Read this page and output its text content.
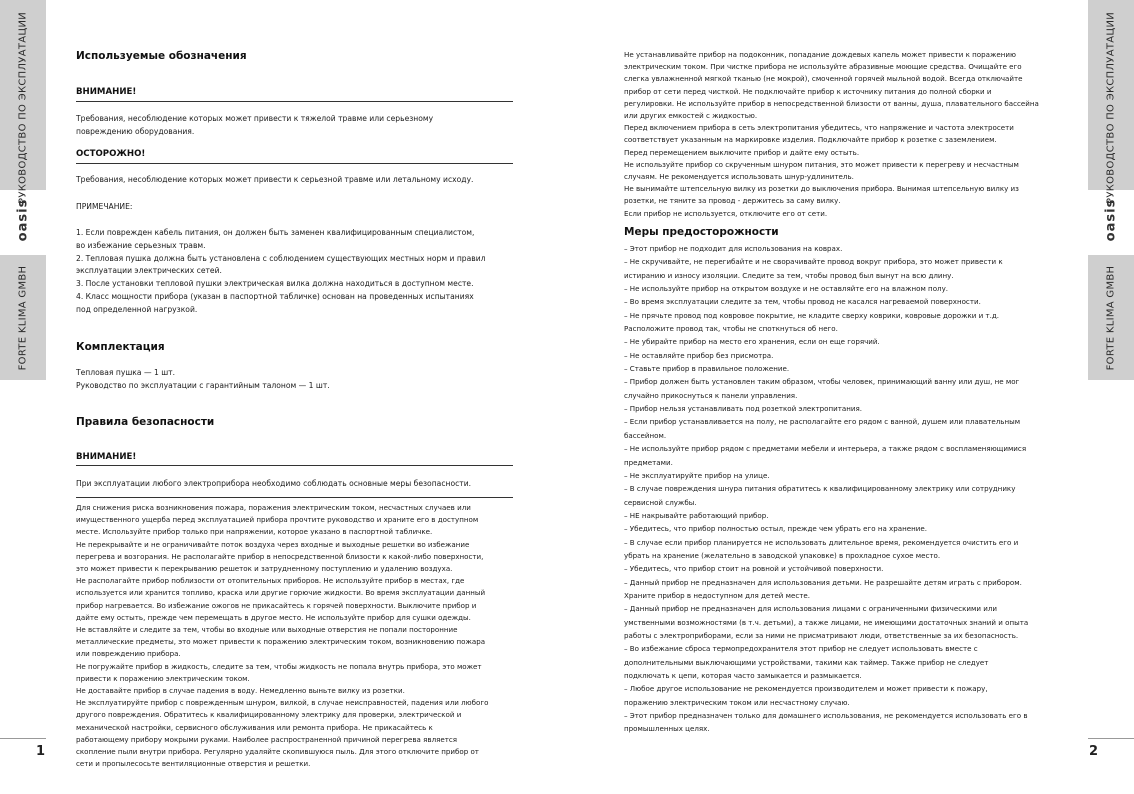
РУКОВОДСТВО ПО ЭКСПЛУАТАЦИИ
oasis
FORTE KLIMA GMBH
1
РУКОВОДСТВО ПО ЭКСПЛУАТАЦИИ
oasis
FORTE KLIMA GMBH
2
Используемые обозначения
ВНИМАНИЕ!
Требования, несоблюдение которых может привести к тяжелой травме или серьезному
повреждению оборудования.
ОСТОРОЖНО!
Требования, несоблюдение которых может привести к серьезной травме или летальному исходу.
ПРИМЕЧАНИЕ:
1. Если поврежден кабель питания, он должен быть заменен квалифицированным специалистом,
во избежание серьезных травм.
2. Тепловая пушка должна быть установлена с соблюдением существующих местных норм и правил
эксплуатации электрических сетей.
3. После установки тепловой пушки электрическая вилка должна находиться в доступном месте.
4. Класс мощности прибора (указан в паспортной табличке) основан на проведенных испытаниях
под определенной нагрузкой.
Комплектация
Тепловая пушка — 1 шт.
Руководство по эксплуатации с гарантийным талоном — 1 шт.
Правила безопасности
ВНИМАНИЕ!
При эксплуатации любого электроприбора необходимо соблюдать основные меры безопасности.
Для снижения риска возникновения пожара, поражения электрическим током, несчастных случаев или
имущественного ущерба перед эксплуатацией прибора прочтите руководство и храните его в доступном
месте. Используйте прибор только при напряжении, которое указано в паспортной табличке.
Не перекрывайте и не ограничивайте поток воздуха через входные и выходные решетки во избежание
перегрева и возгорания. Не располагайте прибор в непосредственной близости к какой-либо поверхности,
это может привести к перекрыванию решеток и затрудненному поступлению и удалению воздуха.
Не располагайте прибор поблизости от отопительных приборов. Не используйте прибор в местах, где
используется или хранится топливо, краска или другие горючие жидкости. Во время эксплуатации данный
прибор нагревается. Во избежание ожогов не прикасайтесь к горячей поверхности. Выключите прибор и
дайте ему остыть, прежде чем перемещать в другое место. Не используйте прибор для сушки одежды.
Не вставляйте и следите за тем, чтобы во входные или выходные отверстия не попали посторонние
металлические предметы, это может привести к поражению электрическим током, возникновению пожара
или повреждению прибора.
Не погружайте прибор в жидкость, следите за тем, чтобы жидкость не попала внутрь прибора, это может
привести к поражению электрическим током.
Не доставайте прибор в случае падения в воду. Немедленно выньте вилку из розетки.
Не эксплуатируйте прибор с поврежденным шнуром, вилкой, в случае неисправностей, падения или любого
другого повреждения. Обратитесь к квалифицированному электрику для проверки, электрической и
механической настройки, сервисного обслуживания или ремонта прибора. Не прикасайтесь к
работающему прибору мокрыми руками. Наиболее распространенной причиной перегрева является
скопление пыли внутри прибора. Регулярно удаляйте скопившуюся пыль. Для этого отключите прибор от
сети и пропылесосьте вентиляционные отверстия и решетки.
Не устанавливайте прибор на подоконник, попадание дождевых капель может привести к поражению
электрическим током. При чистке прибора не используйте абразивные моющие средства. Очищайте его
слегка увлажненной мягкой тканью (не мокрой), смоченной горячей мыльной водой. Всегда отключайте
прибор от сети перед чисткой. Не подключайте прибор к источнику питания до полной сборки и
регулировки. Не используйте прибор в непосредственной близости от ванны, душа, плавательного бассейна
или других емкостей с жидкостью.
Перед включением прибора в сеть электропитания убедитесь, что напряжение и частота электросети
соответствует указанным на маркировке изделия. Подключайте прибор к розетке с заземлением.
Перед перемещением выключите прибор и дайте ему остыть.
Не используйте прибор со скрученным шнуром питания, это может привести к перегреву и несчастным
случаям. Не рекомендуется использовать шнур-удлинитель.
Не вынимайте штепсельную вилку из розетки до выключения прибора. Вынимая штепсельную вилку из
розетки, не тяните за провод - держитесь за саму вилку.
Если прибор не используется, отключите его от сети.
Меры предосторожности
– Этот прибор не подходит для использования на коврах.
– Не скручивайте, не перегибайте и не сворачивайте провод вокруг прибора, это может привести к
истиранию и износу изоляции. Следите за тем, чтобы провод был вынут на всю длину.
– Не используйте прибор на открытом воздухе и не оставляйте его на влажном полу.
– Во время эксплуатации следите за тем, чтобы провод не касался нагреваемой поверхности.
– Не прячьте провод под ковровое покрытие, не кладите сверху коврики, ковровые дорожки и т.д.
Расположите провод так, чтобы не споткнуться об него.
– Не убирайте прибор на место его хранения, если он еще горячий.
– Не оставляйте прибор без присмотра.
– Ставьте прибор в правильное положение.
– Прибор должен быть установлен таким образом, чтобы человек, принимающий ванну или душ, не мог
случайно прикоснуться к панели управления.
– Прибор нельзя устанавливать под розеткой электропитания.
– Если прибор устанавливается на полу, не располагайте его рядом с ванной, душем или плавательным
бассейном.
– Не используйте прибор рядом с предметами мебели и интерьера, а также рядом с воспламеняющимися
предметами.
– Не эксплуатируйте прибор на улице.
– В случае повреждения шнура питания обратитесь к квалифицированному электрику или сотруднику
сервисной службы.
– НЕ накрывайте работающий прибор.
– Убедитесь, что прибор полностью остыл, прежде чем убрать его на хранение.
– В случае если прибор планируется не использовать длительное время, рекомендуется очистить его и
убрать на хранение (желательно в заводской упаковке) в прохладное сухое место.
– Убедитесь, что прибор стоит на ровной и устойчивой поверхности.
– Данный прибор не предназначен для использования детьми. Не разрешайте детям играть с прибором.
Храните прибор в недоступном для детей месте.
– Данный прибор не предназначен для использования лицами с ограниченными физическими или
умственными возможностями (в т.ч. детьми), а также лицами, не имеющими достаточных знаний и опыта
работы с электроприборами, если за ними не присматривают люди, ответственные за их безопасность.
– Во избежание сброса термопредохранителя этот прибор не следует использовать вместе с
дополнительными выключающими устройствами, такими как таймер. Также прибор не следует
подключать к цепи, которая часто замыкается и размыкается.
– Любое другое использование не рекомендуется производителем и может привести к пожару,
поражению электрическим током или несчастному случаю.
– Этот прибор предназначен только для домашнего использования, не рекомендуется использовать его в
промышленных целях.
